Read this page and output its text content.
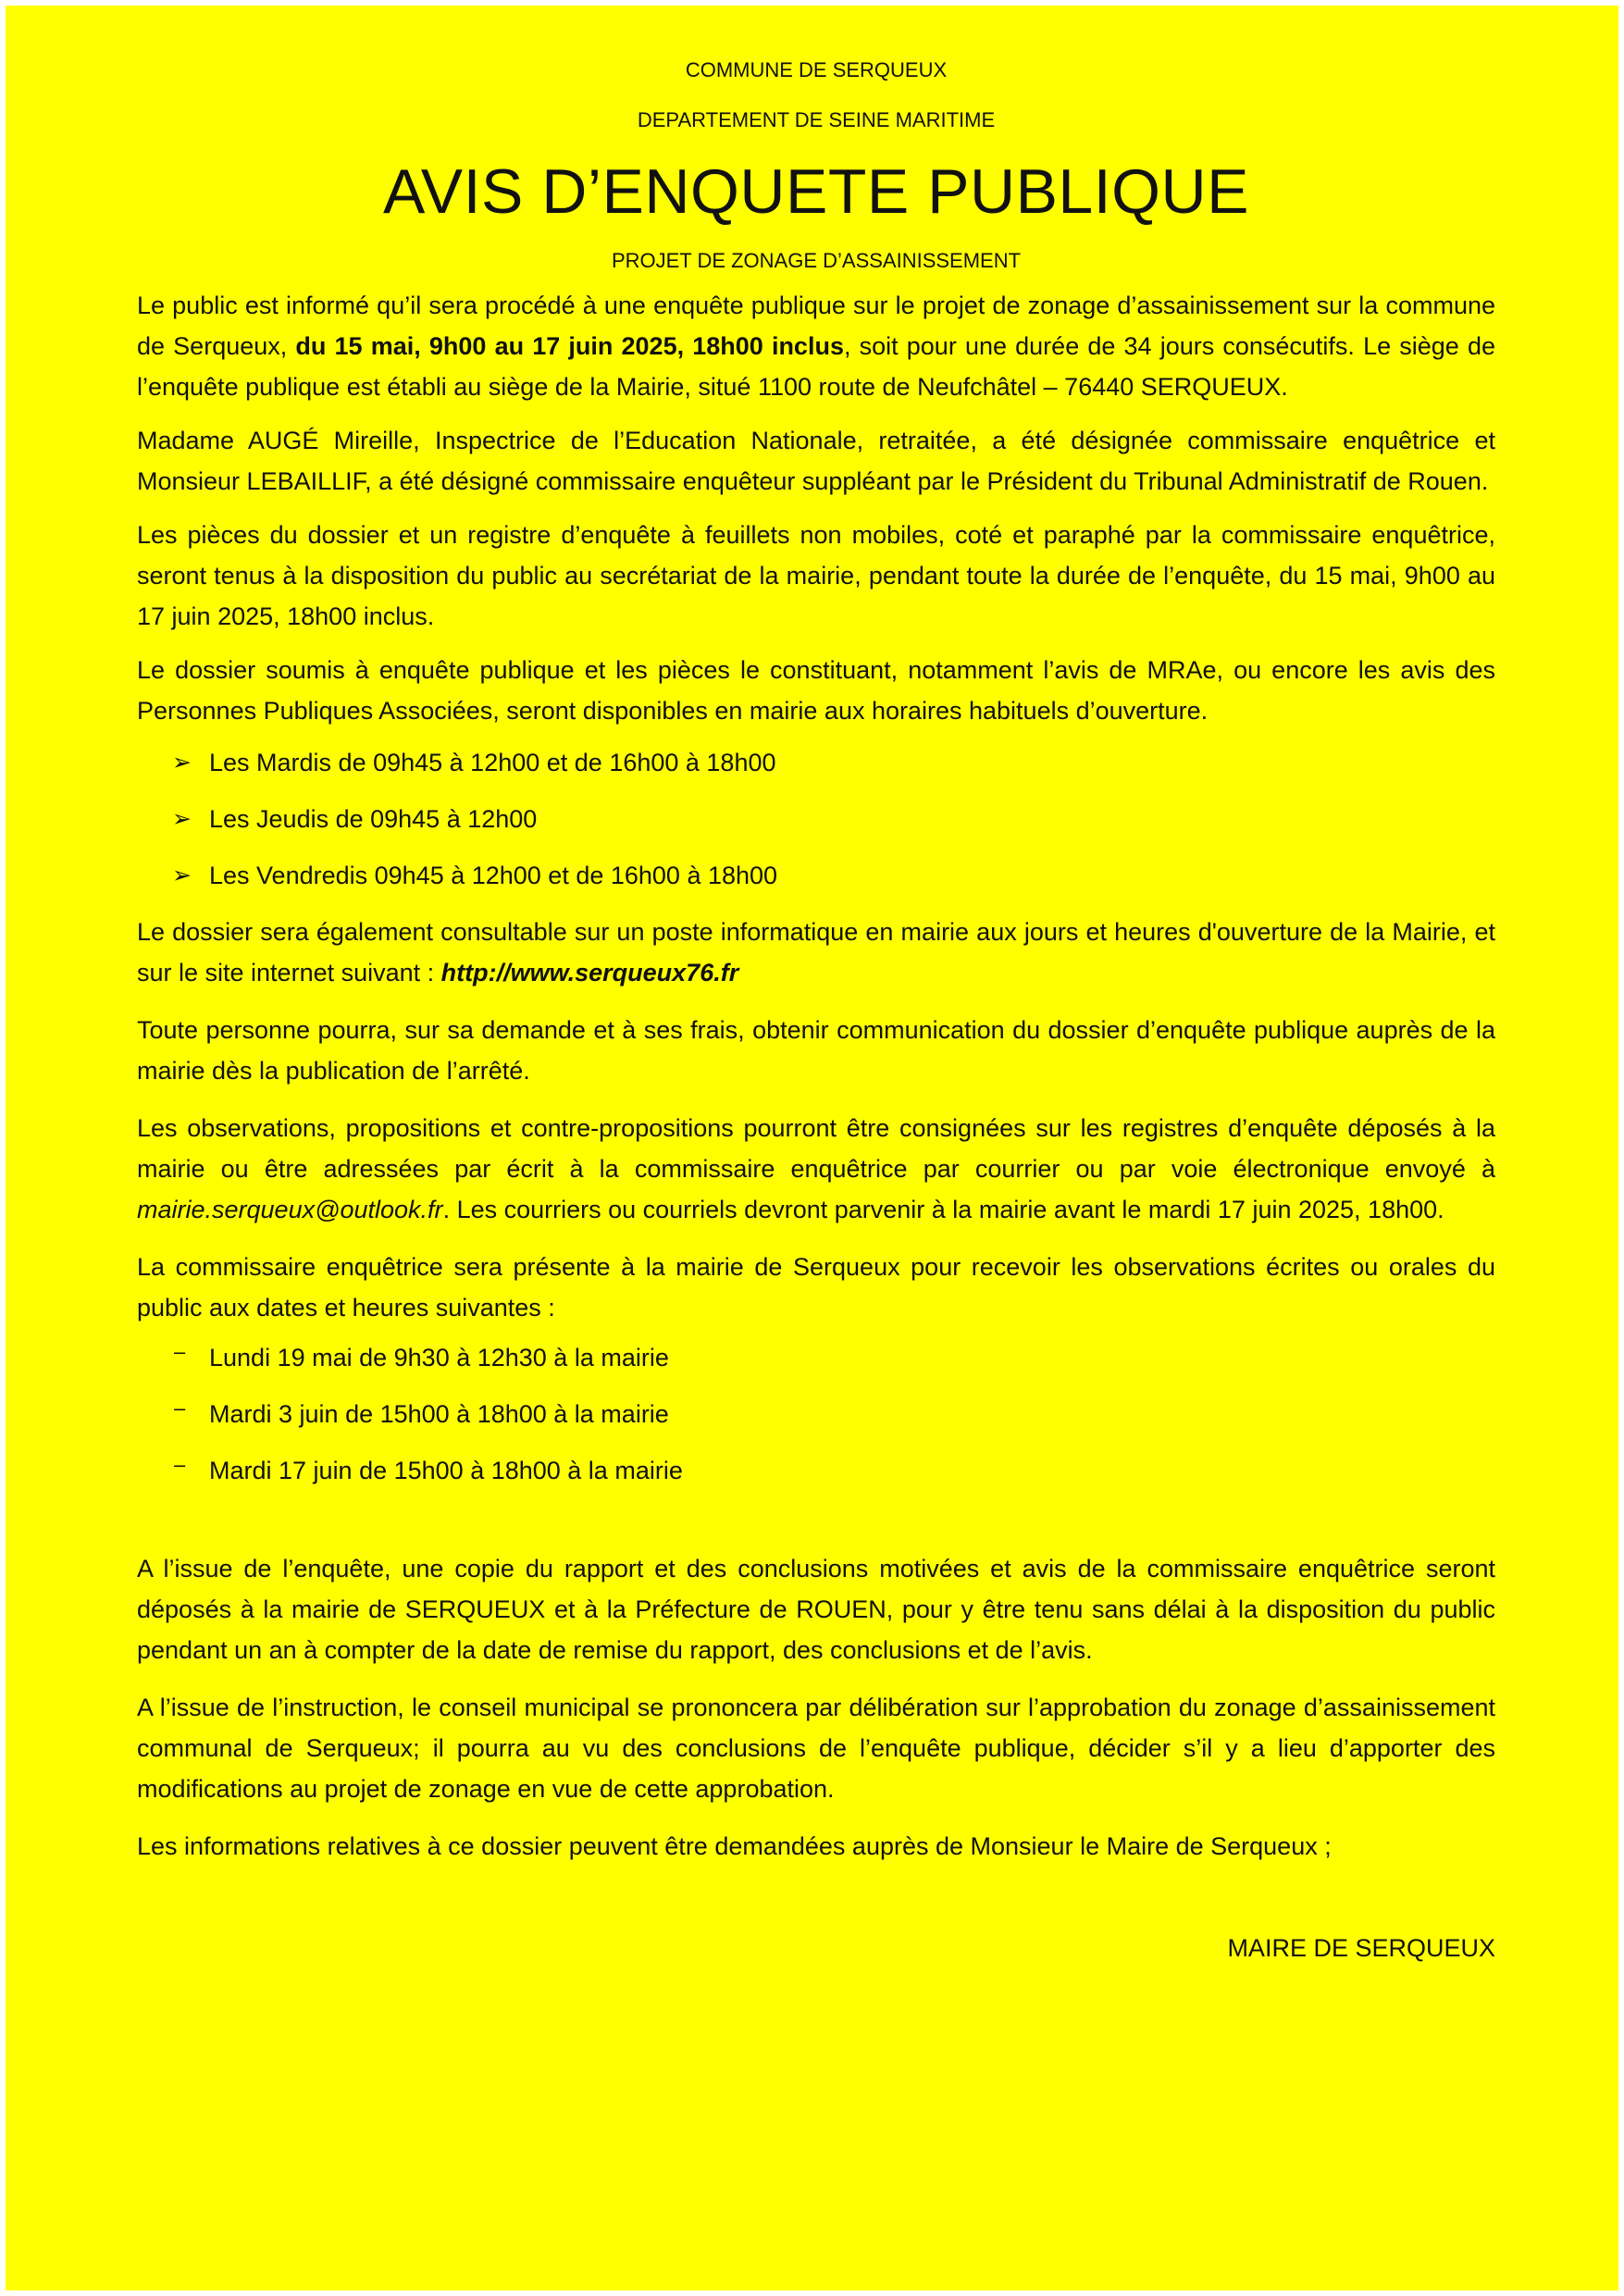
COMMUNE DE SERQUEUX
DEPARTEMENT DE SEINE MARITIME
AVIS D’ENQUETE PUBLIQUE
PROJET DE ZONAGE D’ASSAINISSEMENT

Le public est informé qu’il sera procédé à une enquête publique sur le projet de zonage d’assainissement sur la commune de Serqueux, du 15 mai, 9h00 au 17 juin 2025, 18h00 inclus, soit pour une durée de 34 jours consécutifs. Le siège de l’enquête publique est établi au siège de la Mairie, situé 1100 route de Neufchâtel – 76440 SERQUEUX.

Madame AUGÉ Mireille, Inspectrice de l’Education Nationale, retraitée, a été désignée commissaire enquêtrice et Monsieur LEBAILLIF, a été désigné commissaire enquêteur suppléant par le Président du Tribunal Administratif de Rouen.

Les pièces du dossier et un registre d’enquête à feuillets non mobiles, coté et paraphé par la commissaire enquêtrice, seront tenus à la disposition du public au secrétariat de la mairie, pendant toute la durée de l’enquête, du 15 mai, 9h00 au 17 juin 2025, 18h00 inclus.

Le dossier soumis à enquête publique et les pièces le constituant, notamment l’avis de MRAe, ou encore les avis des Personnes Publiques Associées, seront disponibles en mairie aux horaires habituels d’ouverture.

➢ Les Mardis de 09h45 à 12h00 et de 16h00 à 18h00
➢ Les Jeudis de 09h45 à 12h00
➢ Les Vendredis 09h45 à 12h00 et de 16h00 à 18h00

Le dossier sera également consultable sur un poste informatique en mairie aux jours et heures d'ouverture de la Mairie, et sur le site internet suivant : http://www.serqueux76.fr

Toute personne pourra, sur sa demande et à ses frais, obtenir communication du dossier d’enquête publique auprès de la mairie dès la publication de l’arrêté.

Les observations, propositions et contre-propositions pourront être consignées sur les registres d’enquête déposés à la mairie ou être adressées par écrit à la commissaire enquêtrice par courrier ou par voie électronique envoyé à mairie.serqueux@outlook.fr. Les courriers ou courriels devront parvenir à la mairie avant le mardi 17 juin 2025, 18h00.

La commissaire enquêtrice sera présente à la mairie de Serqueux pour recevoir les observations écrites ou orales du public aux dates et heures suivantes :

– Lundi 19 mai de 9h30 à 12h30 à la mairie
– Mardi 3 juin de 15h00 à 18h00 à la mairie
– Mardi 17 juin de 15h00 à 18h00 à la mairie

A l’issue de l’enquête, une copie du rapport et des conclusions motivées et avis de la commissaire enquêtrice seront déposés à la mairie de SERQUEUX et à la Préfecture de ROUEN, pour y être tenu sans délai à la disposition du public pendant un an à compter de la date de remise du rapport, des conclusions et de l’avis.

A l’issue de l’instruction, le conseil municipal se prononcera par délibération sur l’approbation du zonage d’assainissement communal de Serqueux; il pourra au vu des conclusions de l’enquête publique, décider s’il y a lieu d’apporter des modifications au projet de zonage en vue de cette approbation.

Les informations relatives à ce dossier peuvent être demandées auprès de Monsieur le Maire de Serqueux ;

MAIRE DE SERQUEUX
